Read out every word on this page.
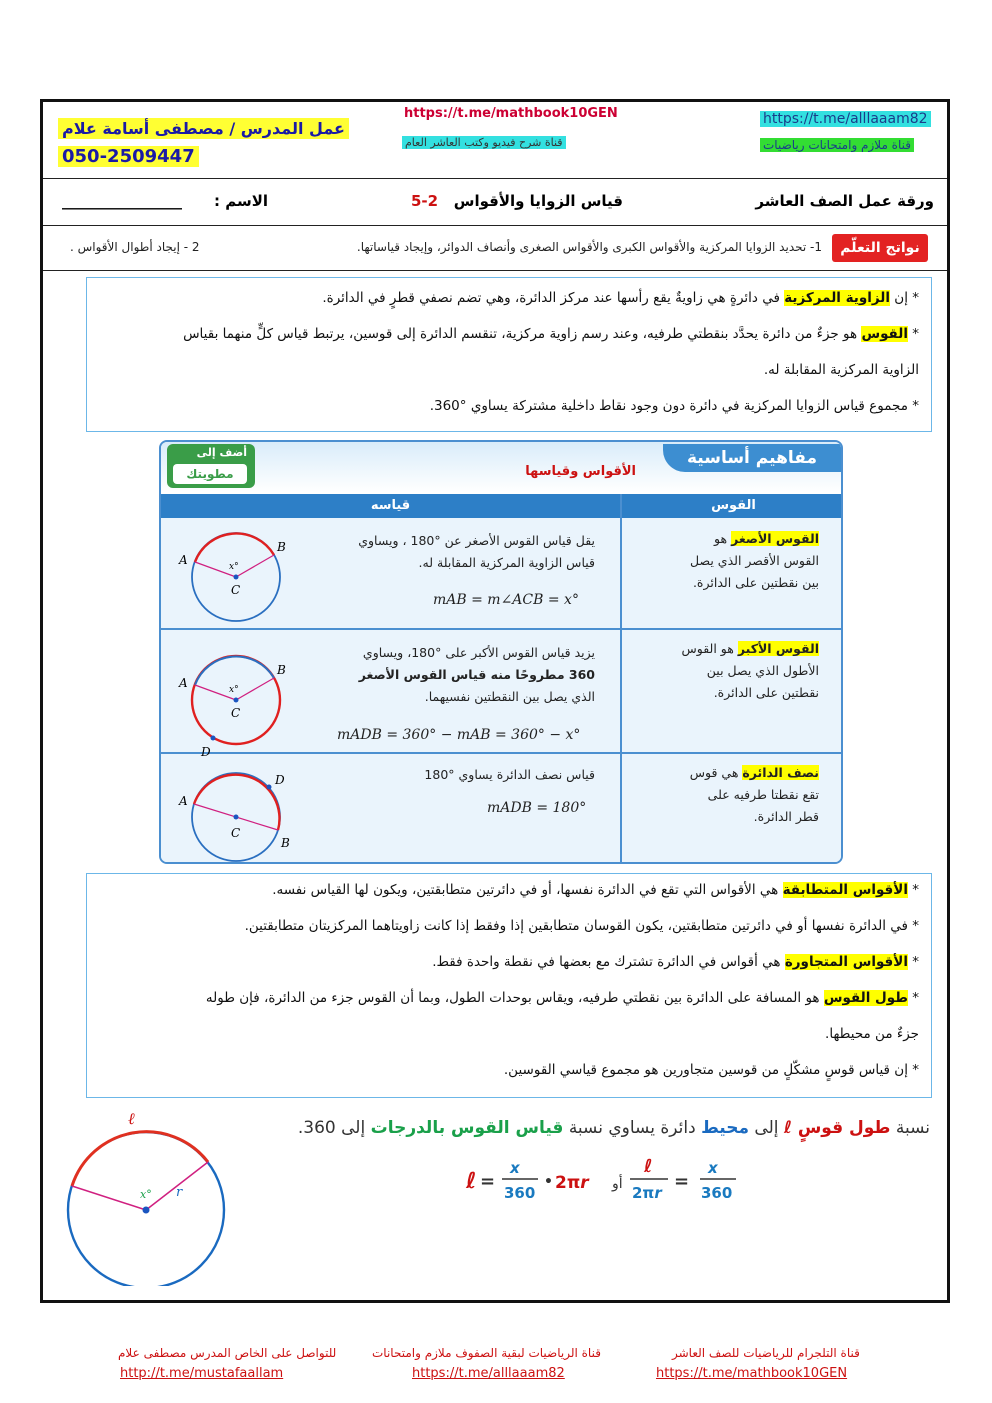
عمل المدرس / مصطفى أسامة علام
050-2509447
https://t.me/mathbook10GEN
قناة شرح فيديو وكتب العاشر العام
https://t.me/alllaaam82
قناة ملازم وامتحانات رياضيات
ورقة عمل الصف العاشر
قياس الزوايا والأقواس   2-5
الاسم :
________________
نواتج التعلّم
1- تحديد الزوايا المركزية والأقواس الكبرى والأقواس الصغرى وأنصاف الدوائر، وإيجاد قياساتها.
2 - إيجاد أطوال الأقواس .
* إن الزاوية المركزية في دائرةٍ هي زاويةٌ يقع رأسها عند مركز الدائرة، وهي تضم نصفي قطرٍ في الدائرة.
* القوس هو جزءٌ من دائرة يحدَّد بنقطتي طرفيه، وعند رسم زاوية مركزية، تنقسم الدائرة إلى قوسين، يرتبط قياس كلٍّ منهما بقياس
الزاوية المركزية المقابلة له.
* مجموع قياس الزوايا المركزية في دائرة دون وجود نقاط داخلية مشتركة يساوي °360.
مفاهيم أساسية
الأقواس وقياسها
أضف إلى
مطويتك
قياسه	القوس
القوس الأصغر هو
القوس الأقصر الذي يصل
بين نقطتين على الدائرة.
يقل قياس القوس الأصغر عن °180 ، ويساوي
قياس الزاوية المركزية المقابلة له.
mAB = m∠ACB = x°
القوس الأكبر هو القوس
الأطول الذي يصل بين
نقطتين على الدائرة.
يزيد قياس القوس الأكبر على °180، ويساوي
360 مطروحًا منه قياس القوس الأصغر
الذي يصل بين النقطتين نفسيهما.
mADB = 360° − mAB = 360° − x°
نصف الدائرة هي قوس
تقع نقطتا طرفيه على
قطر الدائرة.
قياس نصف الدائرة يساوي °180
mADB = 180°
A
B
C
x°
A
B
C
x°
D
A
D
B
C
* الأقواس المتطابقة هي الأقواس التي تقع في الدائرة نفسها، أو في دائرتين متطابقتين، ويكون لها القياس نفسه.
* في الدائرة نفسها أو في دائرتين متطابقتين، يكون القوسان متطابقين إذا وفقط إذا كانت زاويتاهما المركزيتان متطابقتين.
* الأقواس المتجاورة هي أقواس في الدائرة تشترك مع بعضها في نقطة واحدة فقط.
* طول القوس هو المسافة على الدائرة بين نقطتي طرفيه، ويقاس بوحدات الطول، وبما أن القوس جزء من الدائرة، فإن طوله
جزءٌ من محيطها.
* إن قياس قوسٍ مشكّلٍ من قوسين متجاورين هو مجموع قياسي القوسين.
نسبة طول قوسٍ ℓ إلى محيط دائرة يساوي نسبة قياس القوس بالدرجات إلى 360.
ℓ =
x
360
• 2πr أو
ℓ
2πr
=
x
360
ℓ
r
x°
للتواصل على الخاص المدرس مصطفى علام
http://t.me/mustafaallam
قناة الرياضيات لبقية الصفوف ملازم وامتحانات
https://t.me/alllaaam82
قناة التلجرام للرياضيات للصف العاشر
https://t.me/mathbook10GEN
